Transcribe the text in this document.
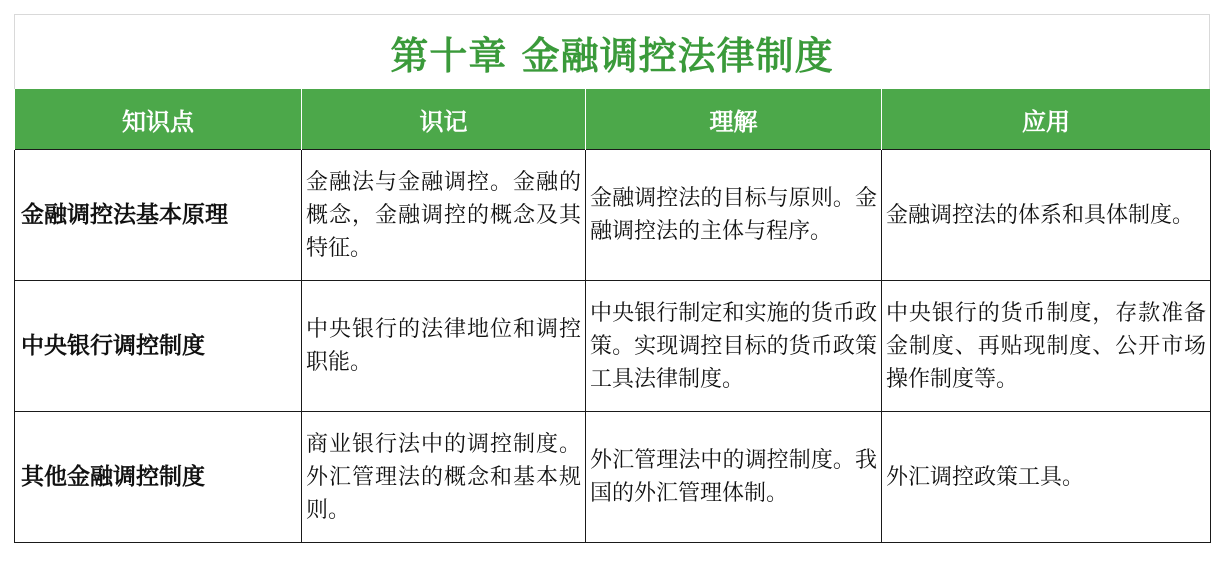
第十章 金融调控法律制度
知识点	识记	理解	应用
金融调控法基本原理	金融法与金融调控。金融的概念，金融调控的概念及其特征。	金融调控法的目标与原则。金融调控法的主体与程序。	金融调控法的体系和具体制度。
中央银行调控制度	中央银行的法律地位和调控职能。	中央银行制定和实施的货币政策。实现调控目标的货币政策工具法律制度。	中央银行的货币制度，存款准备金制度、再贴现制度、公开市场操作制度等。
其他金融调控制度	商业银行法中的调控制度。外汇管理法的概念和基本规则。	外汇管理法中的调控制度。我国的外汇管理体制。	外汇调控政策工具。
